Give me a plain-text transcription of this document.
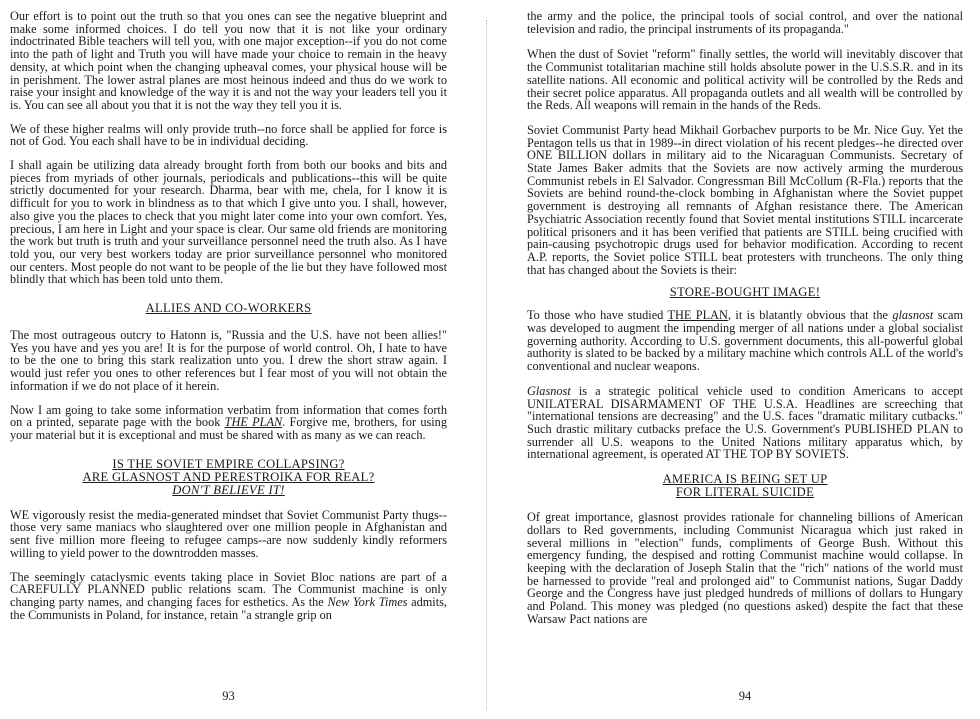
Our effort is to point out the truth so that you ones can see the negative blueprint and make some informed choices. I do tell you now that it is not like your ordinary indoctrinated Bible teachers will tell you, with one major exception--if you do not come into the path of light and Truth you will have made your choice to remain in the heavy density, at which point when the changing upheaval comes, your physical house will be in perishment. The lower astral planes are most heinous indeed and thus do we work to raise your insight and knowledge of the way it is and not the way your leaders tell you it is. You can see all about you that it is not the way they tell you it is.

We of these higher realms will only provide truth--no force shall be applied for force is not of God. You each shall have to be in individual deciding.

I shall again be utilizing data already brought forth from both our books and bits and pieces from myriads of other journals, periodicals and publications--this will be quite strictly documented for your research. Dharma, bear with me, chela, for I know it is difficult for you to work in blindness as to that which I give unto you. I shall, however, also give you the places to check that you might later come into your own comfort. Yes, precious, I am here in Light and your space is clear. Our same old friends are monitoring the work but truth is truth and your surveillance personnel need the truth also. As I have told you, our very best workers today are prior surveillance personnel who monitored our centers. Most people do not want to be people of the lie but they have followed most blindly that which has been told unto them.

ALLIES AND CO-WORKERS

The most outrageous outcry to Hatonn is, "Russia and the U.S. have not been allies!" Yes you have and yes you are! It is for the purpose of world control. Oh, I hate to have to be the one to bring this stark realization unto you. I drew the short straw again. I would just refer you ones to other references but I fear most of you will not obtain the information if we do not place of it herein.

Now I am going to take some information verbatim from information that comes forth on a printed, separate page with the book THE PLAN. Forgive me, brothers, for using your material but it is exceptional and must be shared with as many as we can reach.

IS THE SOVIET EMPIRE COLLAPSING?

ARE GLASNOST AND PERESTROIKA FOR REAL?

DON'T BELIEVE IT!

WE vigorously resist the media-generated mindset that Soviet Communist Party thugs--those very same maniacs who slaughtered over one million people in Afghanistan and sent five million more fleeing to refugee camps--are now suddenly kindly reformers willing to yield power to the downtrodden masses.

The seemingly cataclysmic events taking place in Soviet Bloc nations are part of a CAREFULLY PLANNED public relations scam. The Communist machine is only changing party names, and changing faces for esthetics. As the New York Times admits, the Communists in Poland, for instance, retain "a strangle grip on

93

the army and the police, the principal tools of social control, and over the national television and radio, the principal instruments of its propaganda."

When the dust of Soviet "reform" finally settles, the world will inevitably discover that the Communist totalitarian machine still holds absolute power in the U.S.S.R. and in its satellite nations. All economic and political activity will be controlled by the Reds and their secret police apparatus. All propaganda outlets and all wealth will be controlled by the Reds. All weapons will remain in the hands of the Reds.

Soviet Communist Party head Mikhail Gorbachev purports to be Mr. Nice Guy. Yet the Pentagon tells us that in 1989--in direct violation of his recent pledges--he directed over ONE BILLION dollars in military aid to the Nicaraguan Communists. Secretary of State James Baker admits that the Soviets are now actively arming the murderous Communist rebels in El Salvador. Congressman Bill McCollum (R-Fla.) reports that the Soviets are behind round-the-clock bombing in Afghanistan where the Soviet puppet government is destroying all remnants of Afghan resistance there. The American Psychiatric Association recently found that Soviet mental institutions STILL incarcerate political prisoners and it has been verified that patients are STILL being crucified with pain-causing psychotropic drugs used for behavior modification. According to recent A.P. reports, the Soviet police STILL beat protesters with truncheons. The only thing that has changed about the Soviets is their:

STORE-BOUGHT IMAGE!

To those who have studied THE PLAN, it is blatantly obvious that the glasnost scam was developed to augment the impending merger of all nations under a global socialist governing authority. According to U.S. government documents, this all-powerful global authority is slated to be backed by a military machine which controls ALL of the world's conventional and nuclear weapons.

Glasnost is a strategic political vehicle used to condition Americans to accept UNILATERAL DISARMAMENT OF THE U.S.A. Headlines are screeching that "international tensions are decreasing" and the U.S. faces "dramatic military cutbacks." Such drastic military cutbacks preface the U.S. Government's PUBLISHED PLAN to surrender all U.S. weapons to the United Nations military apparatus which, by international agreement, is operated AT THE TOP BY SOVIETS.

AMERICA IS BEING SET UP

FOR LITERAL SUICIDE

Of great importance, glasnost provides rationale for channeling billions of American dollars to Red governments, including Communist Nicaragua which just raked in several millions in "election" funds, compliments of George Bush. Without this emergency funding, the despised and rotting Communist machine would collapse. In keeping with the declaration of Joseph Stalin that the "rich" nations of the world must be harnessed to provide "real and prolonged aid" to Communist nations, Sugar Daddy George and the Congress have just pledged hundreds of millions of dollars to Hungary and Poland. This money was pledged (no questions asked) despite the fact that these Warsaw Pact nations are

94
